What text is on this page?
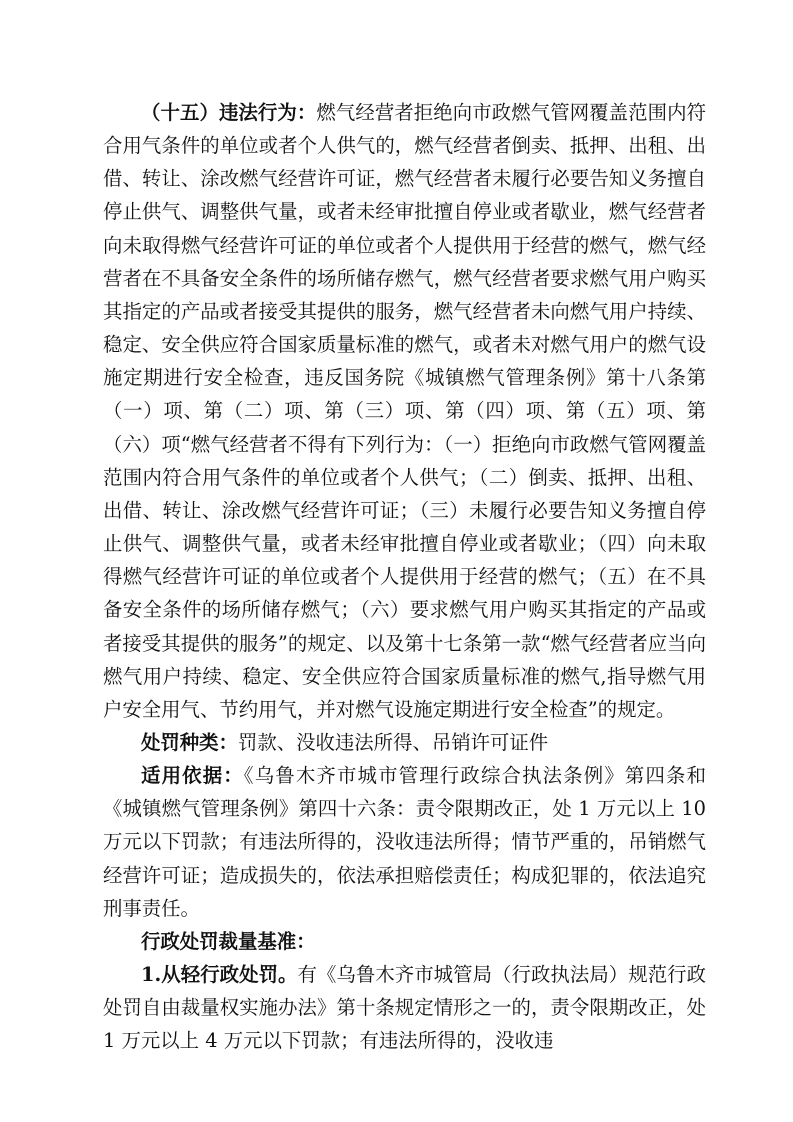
（十五）违法行为：燃气经营者拒绝向市政燃气管网覆盖范围内符合用气条件的单位或者个人供气的，燃气经营者倒卖、抵押、出租、出借、转让、涂改燃气经营许可证，燃气经营者未履行必要告知义务擅自停止供气、调整供气量，或者未经审批擅自停业或者歇业，燃气经营者向未取得燃气经营许可证的单位或者个人提供用于经营的燃气，燃气经营者在不具备安全条件的场所储存燃气，燃气经营者要求燃气用户购买其指定的产品或者接受其提供的服务，燃气经营者未向燃气用户持续、稳定、安全供应符合国家质量标准的燃气，或者未对燃气用户的燃气设施定期进行安全检查，违反国务院《城镇燃气管理条例》第十八条第（一）项、第（二）项、第（三）项、第（四）项、第（五）项、第（六）项“燃气经营者不得有下列行为：（一）拒绝向市政燃气管网覆盖范围内符合用气条件的单位或者个人供气；（二）倒卖、抵押、出租、出借、转让、涂改燃气经营许可证；（三）未履行必要告知义务擅自停止供气、调整供气量，或者未经审批擅自停业或者歇业；（四）向未取得燃气经营许可证的单位或者个人提供用于经营的燃气；（五）在不具备安全条件的场所储存燃气；（六）要求燃气用户购买其指定的产品或者接受其提供的服务”的规定、以及第十七条第一款“燃气经营者应当向燃气用户持续、稳定、安全供应符合国家质量标准的燃气,指导燃气用户安全用气、节约用气，并对燃气设施定期进行安全检查”的规定。

处罚种类：罚款、没收违法所得、吊销许可证件

适用依据：《乌鲁木齐市城市管理行政综合执法条例》第四条和《城镇燃气管理条例》第四十六条：责令限期改正，处 1 万元以上 10 万元以下罚款；有违法所得的，没收违法所得；情节严重的，吊销燃气经营许可证；造成损失的，依法承担赔偿责任；构成犯罪的，依法追究刑事责任。

行政处罚裁量基准：

1.从轻行政处罚。有《乌鲁木齐市城管局（行政执法局）规范行政处罚自由裁量权实施办法》第十条规定情形之一的，责令限期改正，处 1 万元以上 4 万元以下罚款；有违法所得的，没收违
